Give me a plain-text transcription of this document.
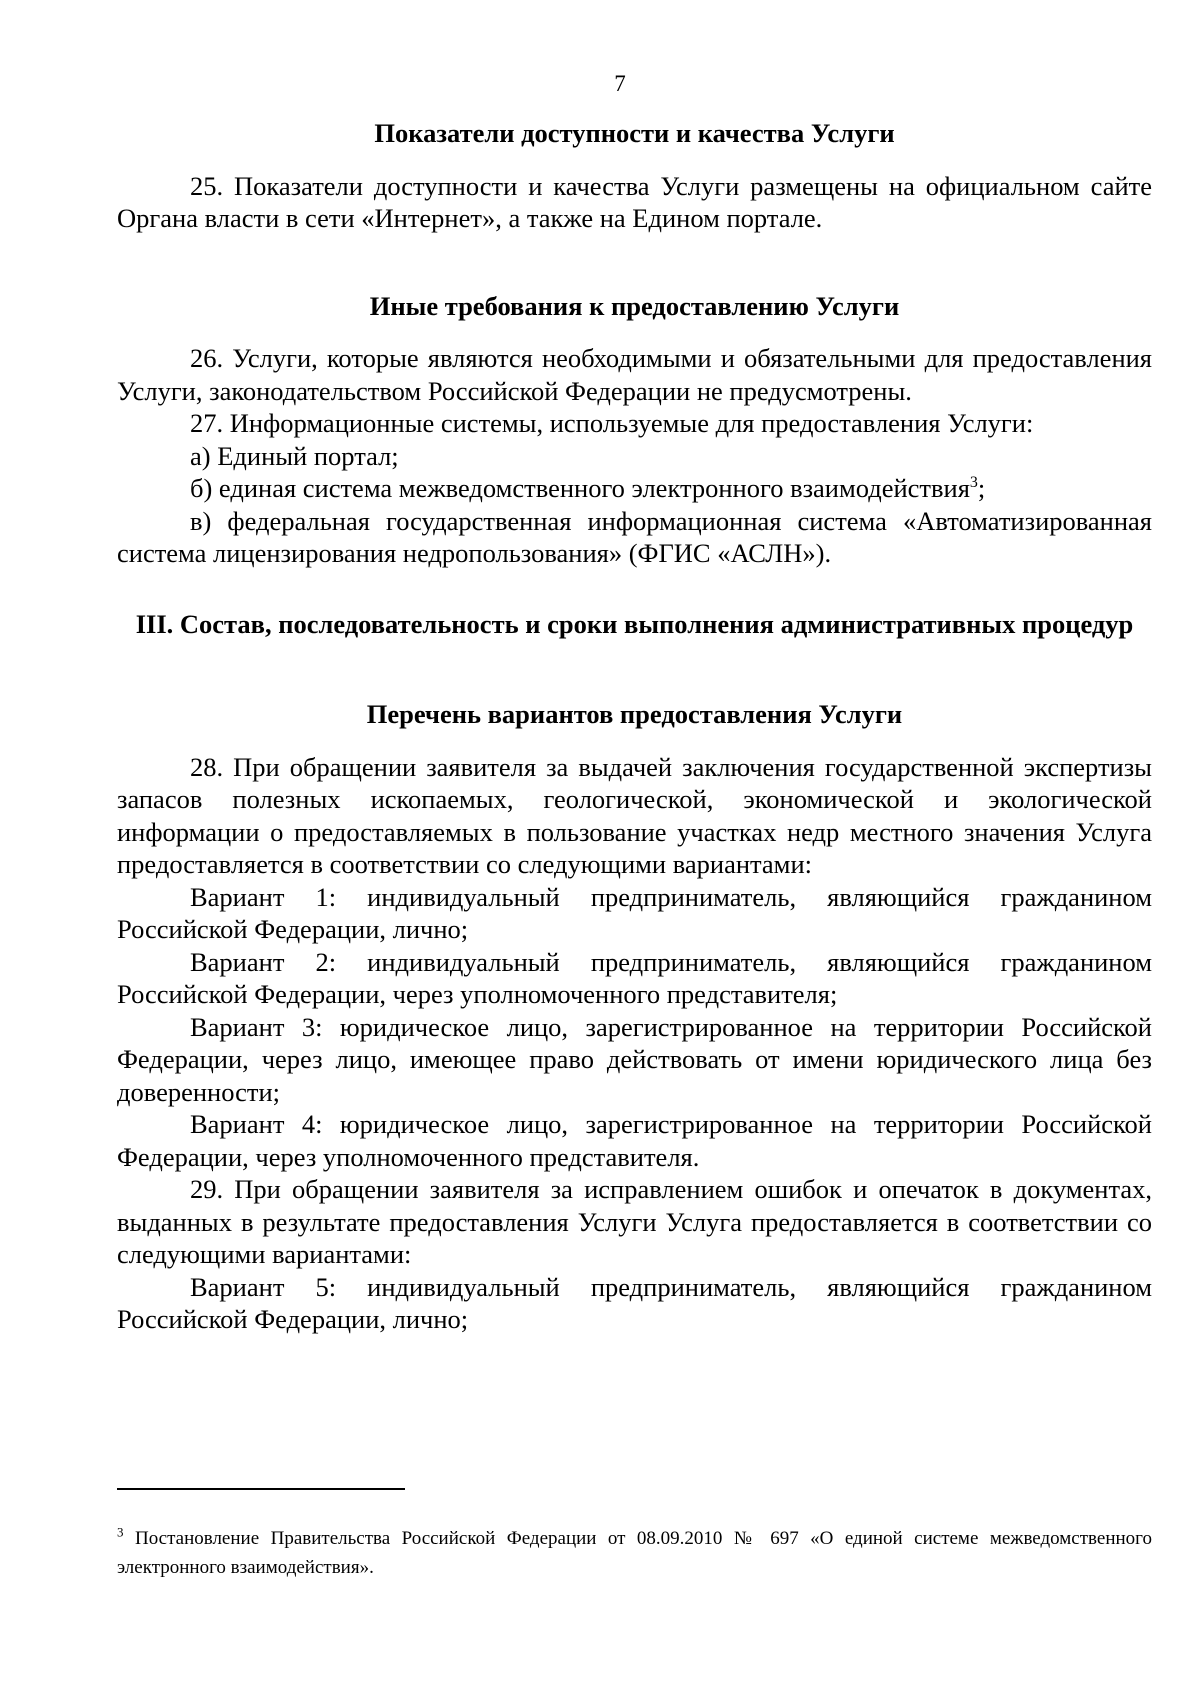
7

Показатели доступности и качества Услуги

25. Показатели доступности и качества Услуги размещены на официальном сайте Органа власти в сети «Интернет», а также на Едином портале.

Иные требования к предоставлению Услуги

26. Услуги, которые являются необходимыми и обязательными для предоставления Услуги, законодательством Российской Федерации не предусмотрены.

27. Информационные системы, используемые для предоставления Услуги:

а) Единый портал;

б) единая система межведомственного электронного взаимодействия$^3$;

в) федеральная государственная информационная система «Автоматизированная система лицензирования недропользования» (ФГИС «АСЛН»).

III. Состав, последовательность и сроки выполнения административных процедур

Перечень вариантов предоставления Услуги

28. При обращении заявителя за выдачей заключения государственной экспертизы запасов полезных ископаемых, геологической, экономической и экологической информации о предоставляемых в пользование участках недр местного значения Услуга предоставляется в соответствии со следующими вариантами:

Вариант 1: индивидуальный предприниматель, являющийся гражданином Российской Федерации, лично;

Вариант 2: индивидуальный предприниматель, являющийся гражданином Российской Федерации, через уполномоченного представителя;

Вариант 3: юридическое лицо, зарегистрированное на территории Российской Федерации, через лицо, имеющее право действовать от имени юридического лица без доверенности;

Вариант 4: юридическое лицо, зарегистрированное на территории Российской Федерации, через уполномоченного представителя.

29. При обращении заявителя за исправлением ошибок и опечаток в документах, выданных в результате предоставления Услуги Услуга предоставляется в соответствии со следующими вариантами:

Вариант 5: индивидуальный предприниматель, являющийся гражданином Российской Федерации, лично;

$^3$ Постановление Правительства Российской Федерации от 08.09.2010 № 697 «О единой системе межведомственного электронного взаимодействия».
